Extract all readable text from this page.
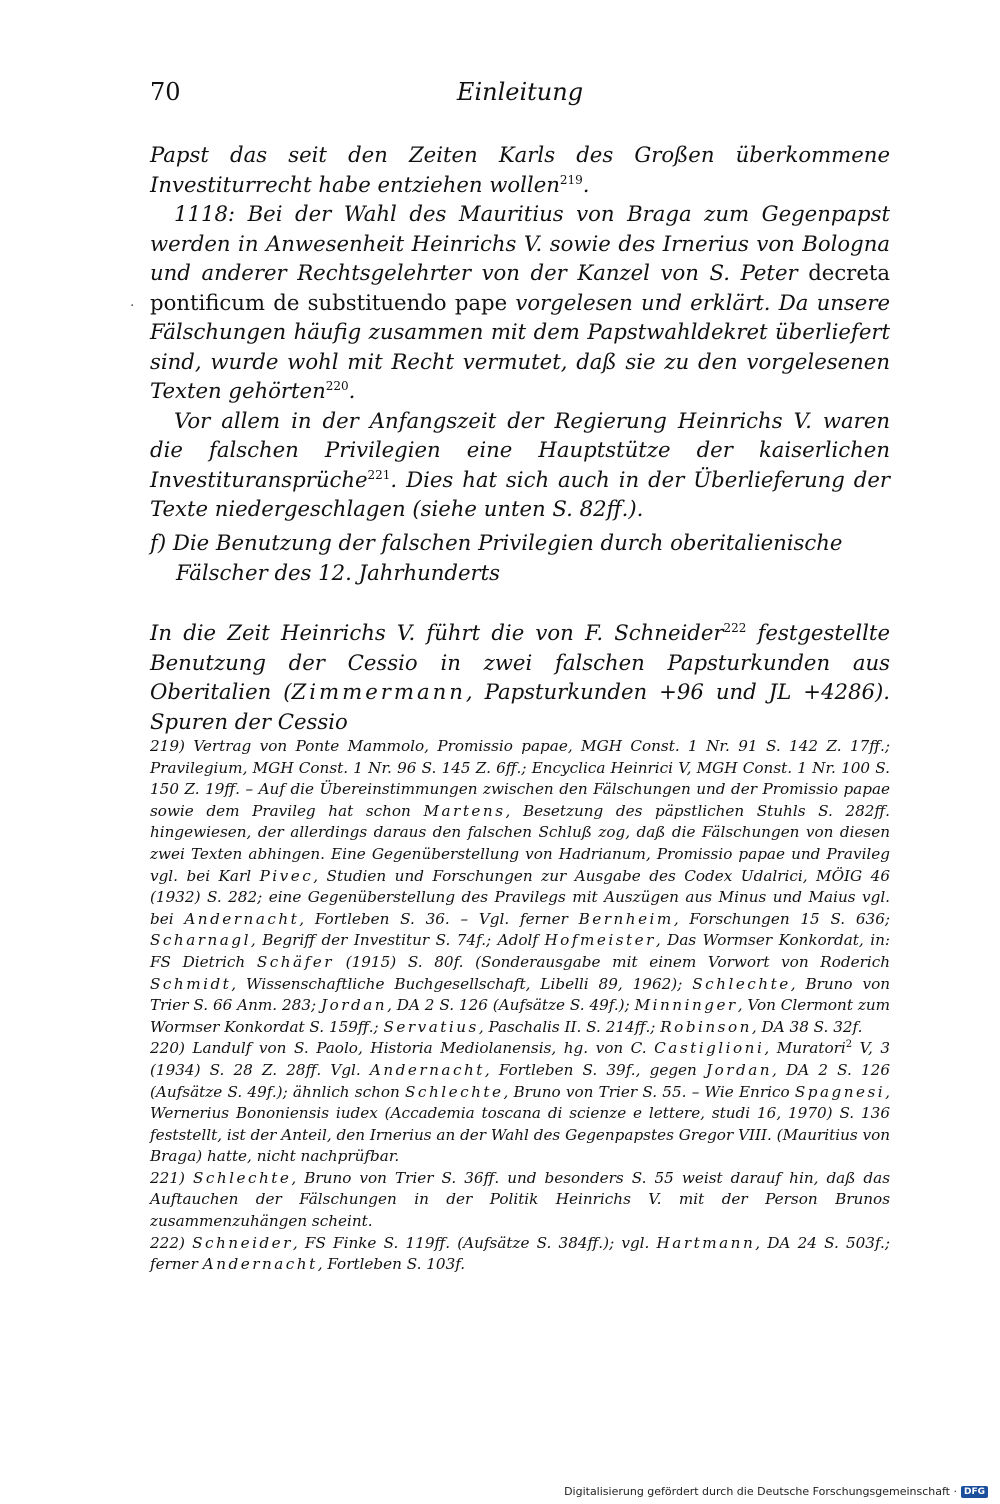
70	Einleitung
·

Papst das seit den Zeiten Karls des Großen überkommene Investiturrecht habe entziehen wollen$^{219}$.

1118: Bei der Wahl des Mauritius von Braga zum Gegenpapst werden in Anwesenheit Heinrichs V. sowie des Irnerius von Bologna und anderer Rechtsgelehrter von der Kanzel von S. Peter decreta pontificum de substituendo pape vorgelesen und erklärt. Da unsere Fälschungen häufig zusammen mit dem Papstwahldekret überliefert sind, wurde wohl mit Recht vermutet, daß sie zu den vorgelesenen Texten gehörten$^{220}$.

Vor allem in der Anfangszeit der Regierung Heinrichs V. waren die falschen Privilegien eine Hauptstütze der kaiserlichen Investituransprüche$^{221}$. Dies hat sich auch in der Überlieferung der Texte niedergeschlagen (siehe unten S. 82ff.).

f) Die Benutzung der falschen Privilegien durch oberitalienische Fälscher des 12. Jahrhunderts

In die Zeit Heinrichs V. führt die von F. Schneider$^{222}$ festgestellte Benutzung der Cessio in zwei falschen Papsturkunden aus Oberitalien (Zimmermann, Papsturkunden +96 und JL +4286). Spuren der Cessio

219) Vertrag von Ponte Mammolo, Promissio papae, MGH Const. 1 Nr. 91 S. 142 Z. 17ff.; Pravilegium, MGH Const. 1 Nr. 96 S. 145 Z. 6ff.; Encyclica Heinrici V, MGH Const. 1 Nr. 100 S. 150 Z. 19ff. – Auf die Übereinstimmungen zwischen den Fälschungen und der Promissio papae sowie dem Pravileg hat schon Martens, Besetzung des päpstlichen Stuhls S. 282ff. hingewiesen, der allerdings daraus den falschen Schluß zog, daß die Fälschungen von diesen zwei Texten abhingen. Eine Gegenüberstellung von Hadrianum, Promissio papae und Pravileg vgl. bei Karl Pivec, Studien und Forschungen zur Ausgabe des Codex Udalrici, MÖIG 46 (1932) S. 282; eine Gegenüberstellung des Pravilegs mit Auszügen aus Minus und Maius vgl. bei Andernacht, Fortleben S. 36. – Vgl. ferner Bernheim, Forschungen 15 S. 636; Scharnagl, Begriff der Investitur S. 74f.; Adolf Hofmeister, Das Wormser Konkordat, in: FS Dietrich Schäfer (1915) S. 80f. (Sonderausgabe mit einem Vorwort von Roderich Schmidt, Wissenschaftliche Buchgesellschaft, Libelli 89, 1962); Schlechte, Bruno von Trier S. 66 Anm. 283; Jordan, DA 2 S. 126 (Aufsätze S. 49f.); Minninger, Von Clermont zum Wormser Konkordat S. 159ff.; Servatius, Paschalis II. S. 214ff.; Robinson, DA 38 S. 32f.

220) Landulf von S. Paolo, Historia Mediolanensis, hg. von C. Castiglioni, Muratori$^2$ V, 3 (1934) S. 28 Z. 28ff. Vgl. Andernacht, Fortleben S. 39f., gegen Jordan, DA 2 S. 126 (Aufsätze S. 49f.); ähnlich schon Schlechte, Bruno von Trier S. 55. – Wie Enrico Spagnesi, Wernerius Bononiensis iudex (Accademia toscana di scienze e lettere, studi 16, 1970) S. 136 feststellt, ist der Anteil, den Irnerius an der Wahl des Gegenpapstes Gregor VIII. (Mauritius von Braga) hatte, nicht nachprüfbar.

221) Schlechte, Bruno von Trier S. 36ff. und besonders S. 55 weist darauf hin, daß das Auftauchen der Fälschungen in der Politik Heinrichs V. mit der Person Brunos zusammenzuhängen scheint.

222) Schneider, FS Finke S. 119ff. (Aufsätze S. 384ff.); vgl. Hartmann, DA 24 S. 503f.; ferner Andernacht, Fortleben S. 103f.

Digitalisierung gefördert durch die Deutsche Forschungsgemeinschaft · DFG
